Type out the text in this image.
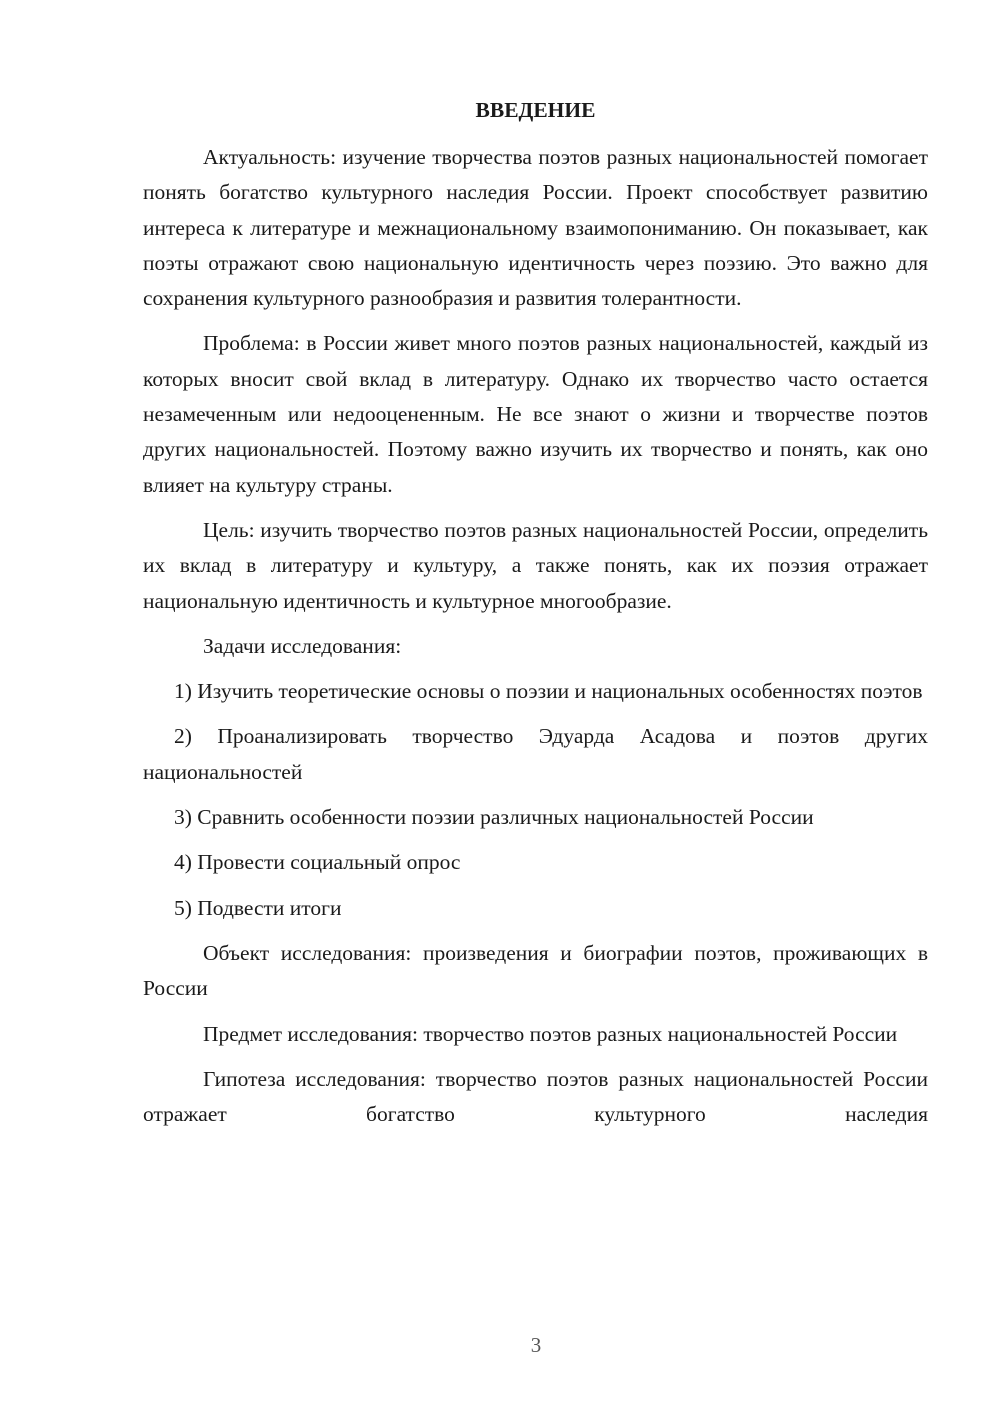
ВВЕДЕНИЕ

Актуальность: изучение творчества поэтов разных национальностей помогает понять богатство культурного наследия России. Проект способствует развитию интереса к литературе и межнациональному взаимопониманию. Он показывает, как поэты отражают свою национальную идентичность через поэзию. Это важно для сохранения культурного разнообразия и развития толерантности.

Проблема: в России живет много поэтов разных национальностей, каждый из которых вносит свой вклад в литературу. Однако их творчество часто остается незамеченным или недооцененным. Не все знают о жизни и творчестве поэтов других национальностей. Поэтому важно изучить их творчество и понять, как оно влияет на культуру страны.

Цель: изучить творчество поэтов разных национальностей России, определить их вклад в литературу и культуру, а также понять, как их поэзия отражает национальную идентичность и культурное многообразие.

Задачи исследования:

1) Изучить теоретические основы о поэзии и национальных особенностях поэтов

2) Проанализировать творчество Эдуарда Асадова и поэтов других национальностей

3) Сравнить особенности поэзии различных национальностей России

4) Провести социальный опрос

5) Подвести итоги

Объект исследования: произведения и биографии поэтов, проживающих в России

Предмет исследования: творчество поэтов разных национальностей России

Гипотеза исследования: творчество поэтов разных национальностей России отражает богатство культурного наследия

3
